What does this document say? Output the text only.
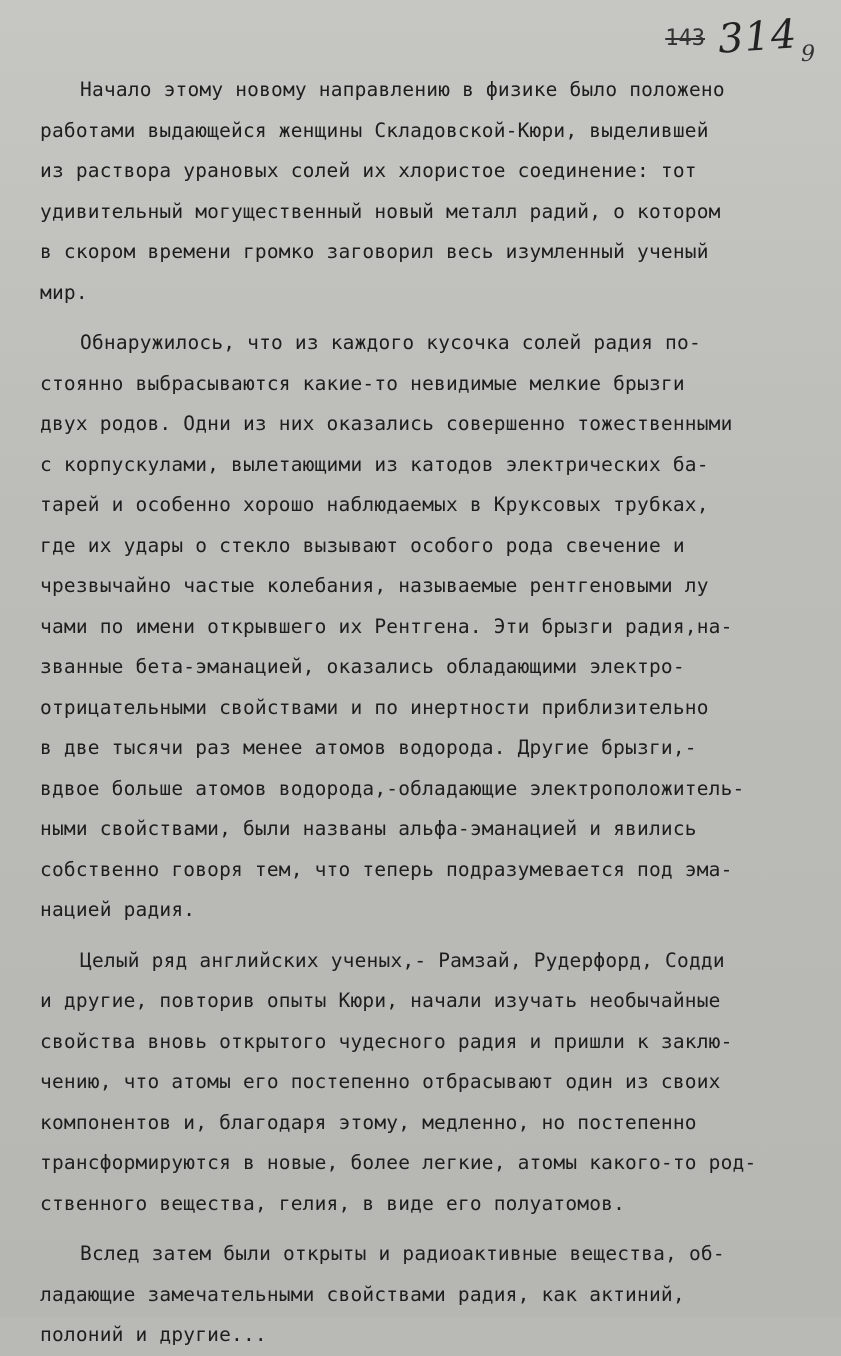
143 314 9
Начало этому новому направлению в физике было положено
работами выдающейся женщины Складовской-Кюри, выделившей
из раствора урановых солей их хлористое соединение: тот
удивительный могущественный новый металл радий, о котором
в скором времени громко заговорил весь изумленный ученый
мир.
Обнаружилось, что из каждого кусочка солей радия по-
стоянно выбрасываются какие-то невидимые мелкие брызги
двух родов. Одни из них оказались совершенно тожественными
с корпускулами, вылетающими из катодов электрических ба-
тарей и особенно хорошо наблюдаемых в Круксовых трубках,
где их удары о стекло вызывают особого рода свечение и
чрезвычайно частые колебания, называемые рентгеновыми лу
чами по имени открывшего их Рентгена. Эти брызги радия,на-
званные бета-эманацией, оказались обладающими электро-
отрицательными свойствами и по инертности приблизительно
в две тысячи раз менее атомов водорода. Другие брызги,-
вдвое больше атомов водорода,-обладающие электроположитель-
ными свойствами, были названы альфа-эманацией и явились
собственно говоря тем, что теперь подразумевается под эма-
нацией радия.
Целый ряд английских ученых,- Рамзай, Рудерфорд, Содди
и другие, повторив опыты Кюри, начали изучать необычайные
свойства вновь открытого чудесного радия и пришли к заклю-
чению, что атомы его постепенно отбрасывают один из своих
компонентов и, благодаря этому, медленно, но постепенно
трансформируются в новые, более легкие, атомы какого-то род-
ственного вещества, гелия, в виде его полуатомов.
Вслед затем были открыты и радиоактивные вещества, об-
ладающие замечательными свойствами радия, как актиний,
полоний и другие...
